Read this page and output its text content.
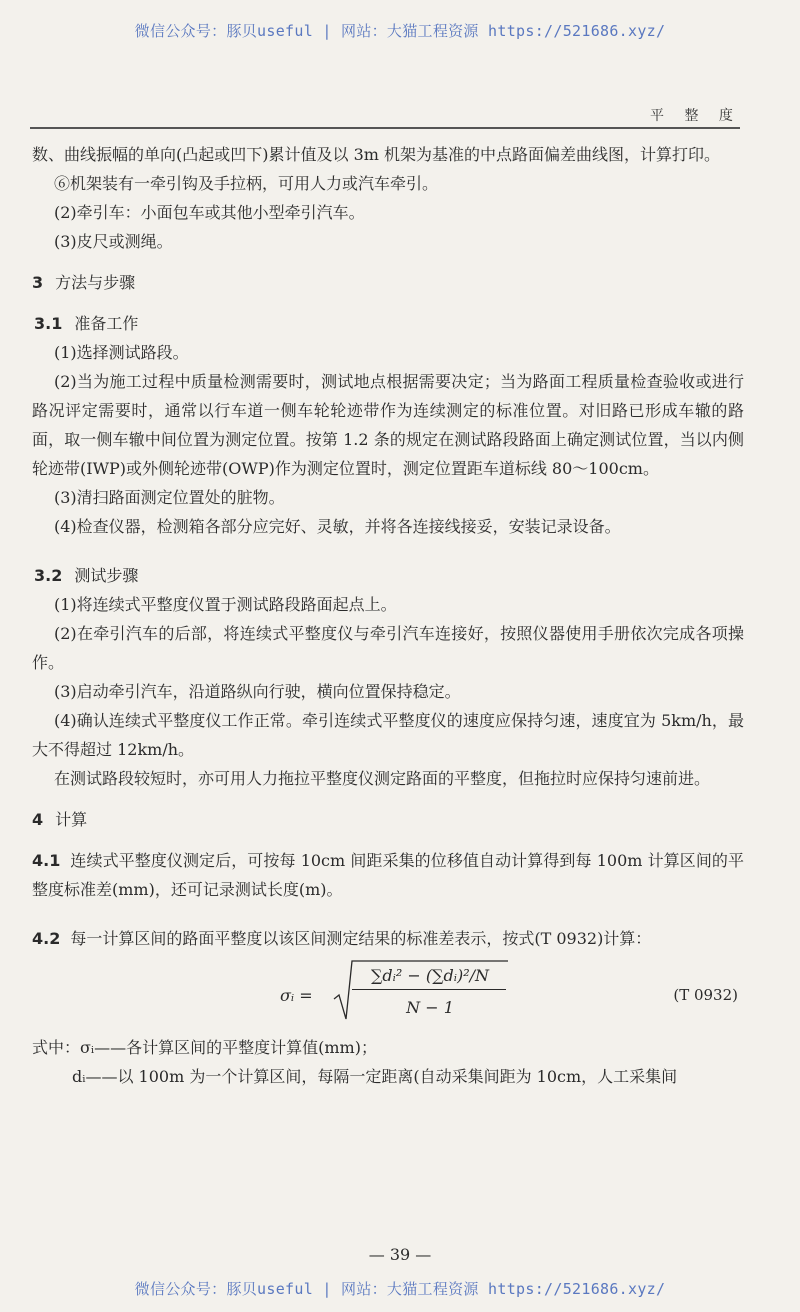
微信公众号：豚贝useful | 网站：大猫工程资源 https://521686.xyz/
平 整 度

数、曲线振幅的单向(凸起或凹下)累计值及以 3m 机架为基准的中点路面偏差曲线图，计算打印。

⑥机架装有一牵引钩及手拉柄，可用人力或汽车牵引。

(2)牵引车：小面包车或其他小型牵引汽车。

(3)皮尺或测绳。

3 方法与步骤

3.1 准备工作

(1)选择测试路段。

(2)当为施工过程中质量检测需要时，测试地点根据需要决定；当为路面工程质量检查验收或进行路况评定需要时，通常以行车道一侧车轮轮迹带作为连续测定的标准位置。对旧路已形成车辙的路面，取一侧车辙中间位置为测定位置。按第 1.2 条的规定在测试路段路面上确定测试位置，当以内侧轮迹带(IWP)或外侧轮迹带(OWP)作为测定位置时，测定位置距车道标线 80～100cm。

(3)清扫路面测定位置处的脏物。

(4)检查仪器，检测箱各部分应完好、灵敏，并将各连接线接妥，安装记录设备。

3.2 测试步骤

(1)将连续式平整度仪置于测试路段路面起点上。

(2)在牵引汽车的后部，将连续式平整度仪与牵引汽车连接好，按照仪器使用手册依次完成各项操作。

(3)启动牵引汽车，沿道路纵向行驶，横向位置保持稳定。

(4)确认连续式平整度仪工作正常。牵引连续式平整度仪的速度应保持匀速，速度宜为 5km/h，最大不得超过 12km/h。

在测试路段较短时，亦可用人力拖拉平整度仪测定路面的平整度，但拖拉时应保持匀速前进。

4 计算

4.1 连续式平整度仪测定后，可按每 10cm 间距采集的位移值自动计算得到每 100m 计算区间的平整度标准差(mm)，还可记录测试长度(m)。

4.2 每一计算区间的路面平整度以该区间测定结果的标准差表示，按式(T 0932)计算：

σᵢ =
∑dᵢ² − (∑dᵢ)²/N
N − 1
(T 0932)

式中：σᵢ——各计算区间的平整度计算值(mm)；

dᵢ——以 100m 为一个计算区间，每隔一定距离(自动采集间距为 10cm，人工采集间

— 39 —
微信公众号：豚贝useful | 网站：大猫工程资源 https://521686.xyz/
